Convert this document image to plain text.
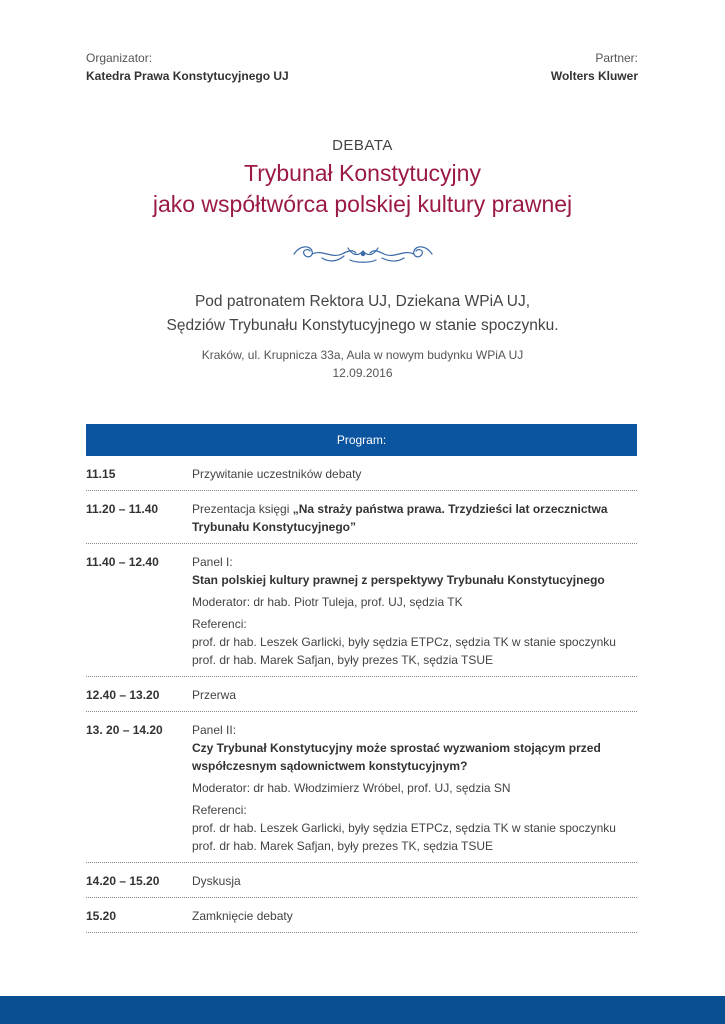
Organizator:
Katedra Prawa Konstytucyjnego UJ
Partner:
Wolters Kluwer
DEBATA
Trybunał Konstytucyjny
jako współtwórca polskiej kultury prawnej
Pod patronatem Rektora UJ, Dziekana WPiA UJ,
Sędziów Trybunału Konstytucyjnego w stanie spoczynku.
Kraków, ul. Krupnicza 33a, Aula w nowym budynku WPiA UJ
12.09.2016
Program:
11.15	Przywitanie uczestników debaty
11.20 – 11.40	Prezentacja księgi „Na straży państwa prawa. Trzydzieści lat orzecznictwa
Trybunału Konstytucyjnego”
11.40 – 12.40	Panel I:
Stan polskiej kultury prawnej z perspektywy Trybunału Konstytucyjnego
Moderator: dr hab. Piotr Tuleja, prof. UJ, sędzia TK
Referenci:
prof. dr hab. Leszek Garlicki, były sędzia ETPCz, sędzia TK w stanie spoczynku
prof. dr hab. Marek Safjan, były prezes TK, sędzia TSUE
12.40 – 13.20	Przerwa
13. 20 – 14.20	Panel II:
Czy Trybunał Konstytucyjny może sprostać wyzwaniom stojącym przed
współczesnym sądownictwem konstytucyjnym?
Moderator: dr hab. Włodzimierz Wróbel, prof. UJ, sędzia SN
Referenci:
prof. dr hab. Leszek Garlicki, były sędzia ETPCz, sędzia TK w stanie spoczynku
prof. dr hab. Marek Safjan, były prezes TK, sędzia TSUE
14.20 – 15.20	Dyskusja
15.20	Zamknięcie debaty
